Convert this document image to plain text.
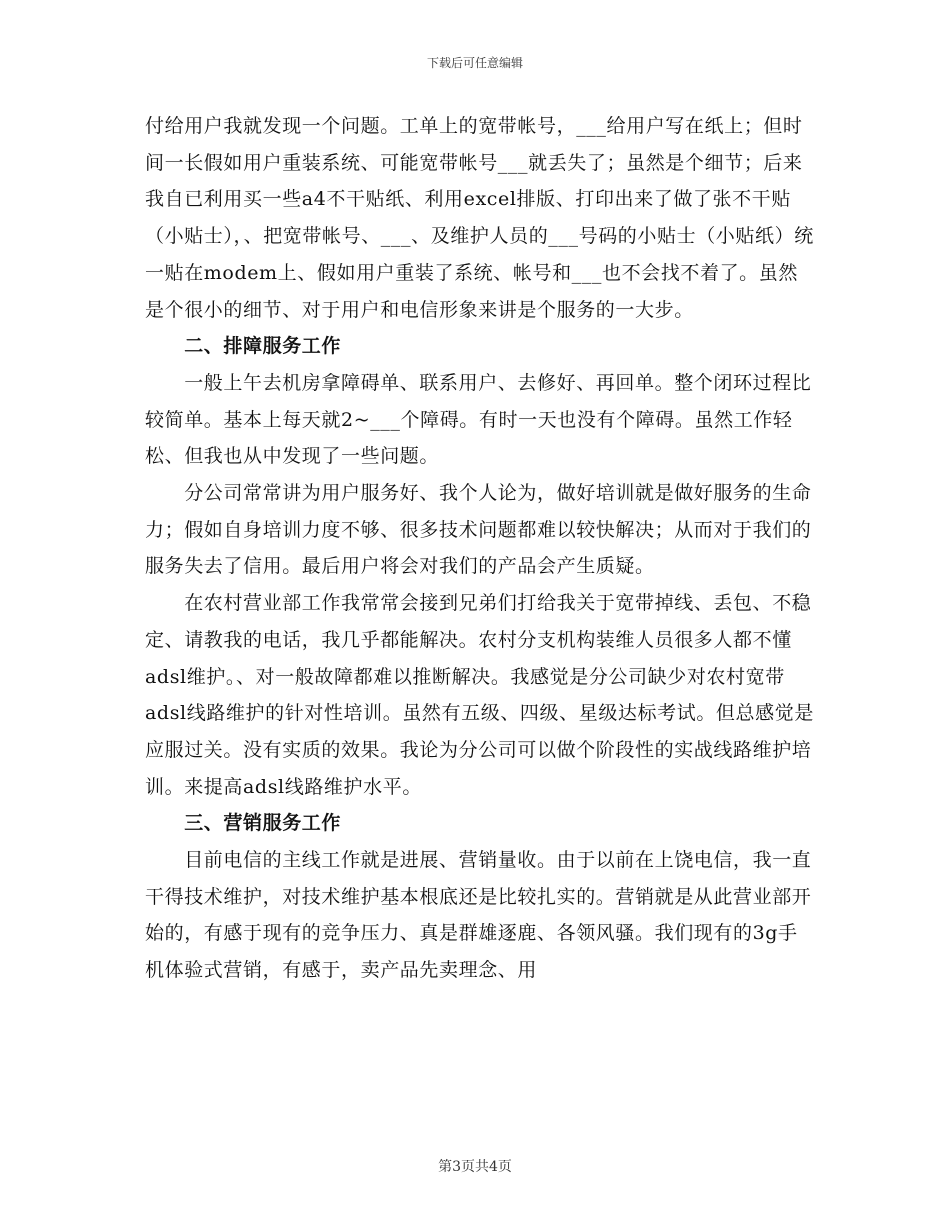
下载后可任意编辑

付给用户我就发现一个问题。工单上的宽带帐号，___给用户写在纸上；但时间一长假如用户重装系统、可能宽带帐号___就丢失了；虽然是个细节；后来我自已利用买一些a4不干贴纸、利用excel排版、打印出来了做了张不干贴（小贴士），、把宽带帐号、___、及维护人员的___号码的小贴士（小贴纸）统一贴在modem上、假如用户重装了系统、帐号和___也不会找不着了。虽然是个很小的细节、对于用户和电信形象来讲是个服务的一大步。

　　二、排障服务工作

　　一般上午去机房拿障碍单、联系用户、去修好、再回单。整个闭环过程比较简单。基本上每天就2~___个障碍。有时一天也没有个障碍。虽然工作轻松、但我也从中发现了一些问题。

　　分公司常常讲为用户服务好、我个人论为，做好培训就是做好服务的生命力；假如自身培训力度不够、很多技术问题都难以较快解决；从而对于我们的服务失去了信用。最后用户将会对我们的产品会产生质疑。

　　在农村营业部工作我常常会接到兄弟们打给我关于宽带掉线、丢包、不稳定、请教我的电话，我几乎都能解决。农村分支机构装维人员很多人都不懂adsl维护。、对一般故障都难以推断解决。我感觉是分公司缺少对农村宽带adsl线路维护的针对性培训。虽然有五级、四级、星级达标考试。但总感觉是应服过关。没有实质的效果。我论为分公司可以做个阶段性的实战线路维护培训。来提高adsl线路维护水平。

　　三、营销服务工作

　　目前电信的主线工作就是进展、营销量收。由于以前在上饶电信，我一直干得技术维护，对技术维护基本根底还是比较扎实的。营销就是从此营业部开始的，有感于现有的竞争压力、真是群雄逐鹿、各领风骚。我们现有的3g手机体验式营销，有感于，卖产品先卖理念、用

第3页共4页
